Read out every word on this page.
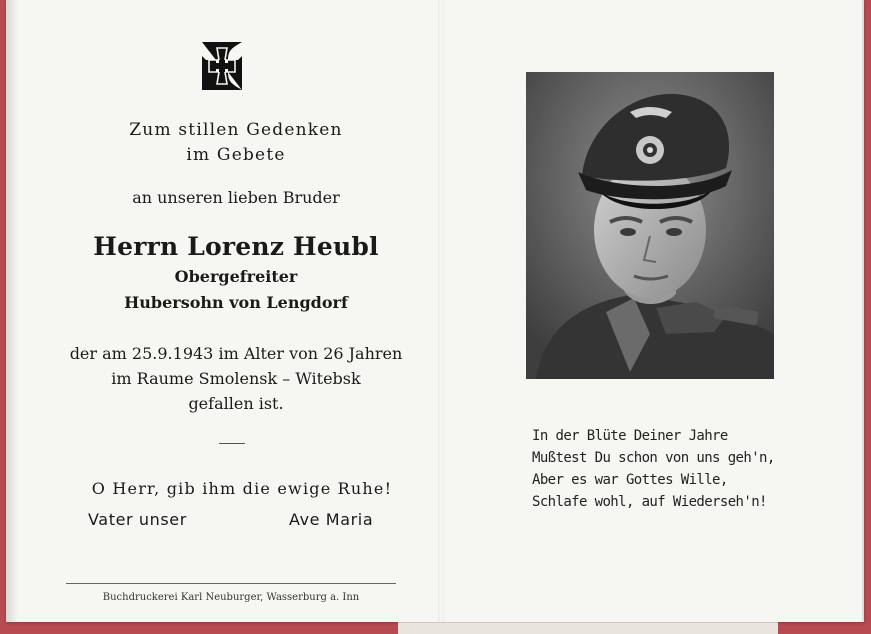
Zum stillen Gedenken
im Gebete
an unseren lieben Bruder
Herrn Lorenz Heubl
Obergefreiter
Hubersohn von Lengdorf
der am 25.9.1943 im Alter von 26 Jahren
im Raume Smolensk – Witebsk
gefallen ist.
O Herr, gib ihm die ewige Ruhe!
Vater unser	Ave Maria
Buchdruckerei Karl Neuburger, Wasserburg a. Inn
In der Blüte Deiner Jahre
Mußtest Du schon von uns geh'n,
Aber es war Gottes Wille,
Schlafe wohl, auf Wiederseh'n!
